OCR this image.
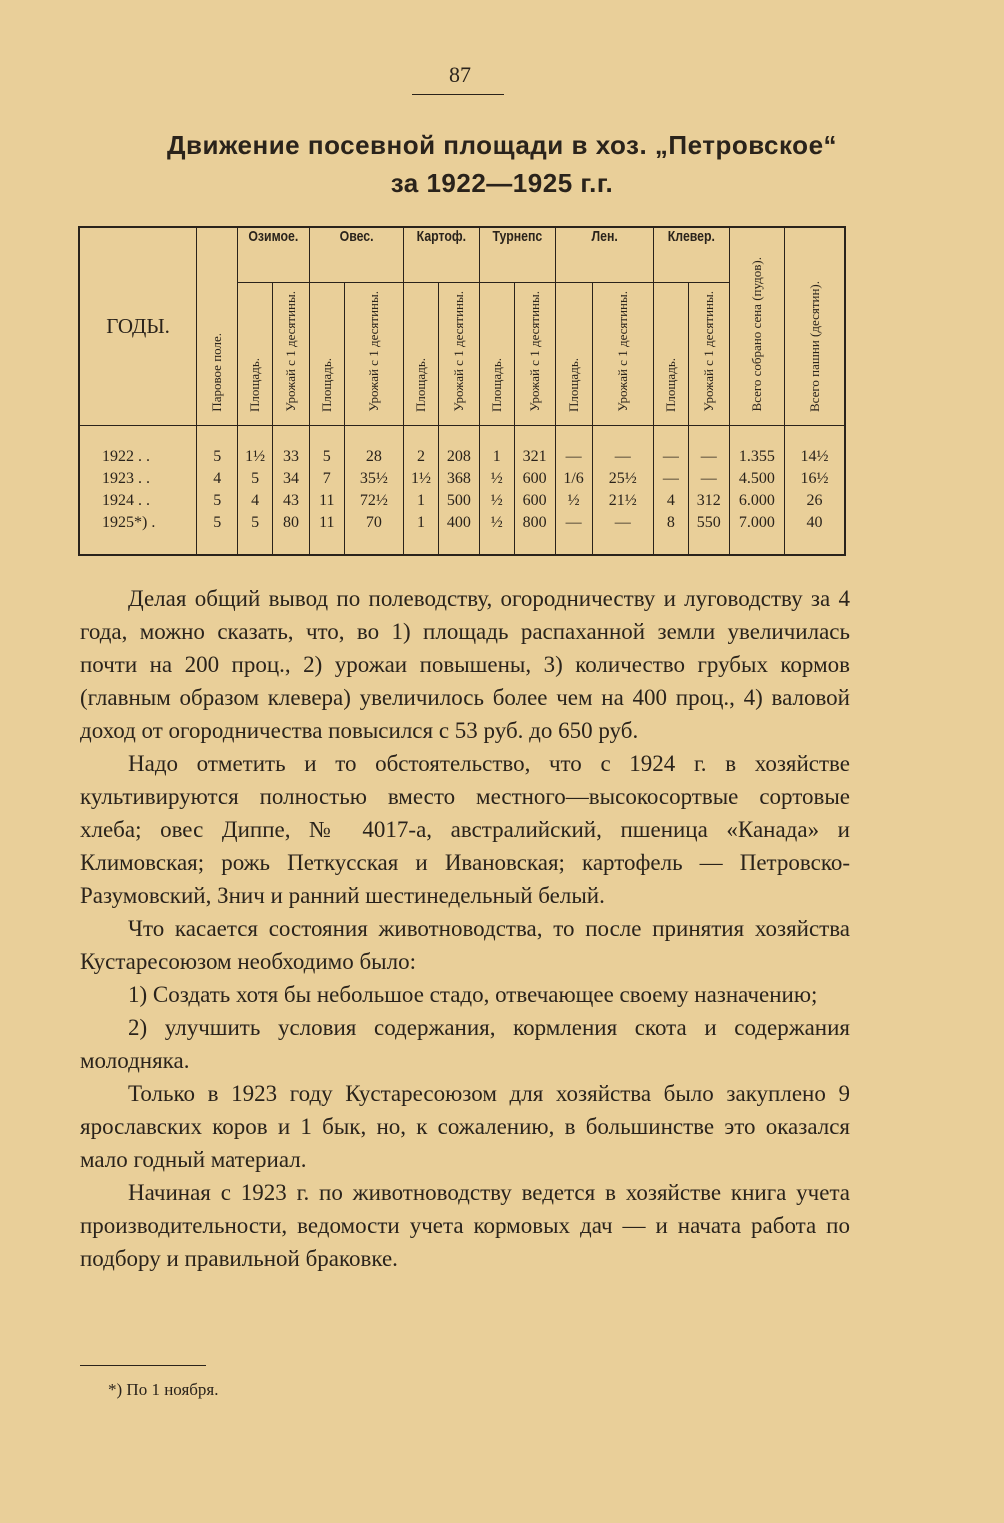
87
Движение посевной площади в хоз. „Петровское“
за 1922—1925 г.г.
ГОДЫ.	Паровое поле.	Озимое.		Овес.		Картоф.		Турнепс		Лен.		Клевер.		Всего собрано сена (пудов).	Всего пашни (десятин).
		Площадь.	Урожай с 1 десятины.	Площадь.	Урожай с 1 десятины.	Площадь.	Урожай с 1 десятины.	Площадь.	Урожай с 1 десятины.	Площадь.	Урожай с 1 десятины.	Площадь.	Урожай с 1 десятины.		
1922 . .	5	1½	33	5	28	2	208	1	321	—	—	—	—	1.355	14½
1923 . .	4	5	34	7	35½	1½	368	½	600	1/6	25½	—	—	4.500	16½
1924 . .	5	4	43	11	72½	1	500	½	600	½	21½	4	312	6.000	26
1925*) .	5	5	80	11	70	1	400	½	800	—	—	8	550	7.000	40

Делая общий вывод по полеводству, огородничеству и луговодству за 4 года, можно сказать, что, во 1) площадь распаханной земли увеличилась почти на 200 проц., 2) урожаи повышены, 3) количество грубых кормов (главным образом клевера) увеличилось более чем на 400 проц., 4) валовой доход от огородничества повысился с 53 руб. до 650 руб.

Надо отметить и то обстоятельство, что с 1924 г. в хозяйстве культивируются полностью вместо местного—высокосортвые сортовые хлеба; овес Диппе, № 4017-а, австралийский, пшеница «Канада» и Климовская; рожь Петкусская и Ивановская; картофель — Петровско-Разумовский, Знич и ранний шестинедельный белый.

Что касается состояния животноводства, то после принятия хозяйства Кустаресоюзом необходимо было:

1) Создать хотя бы небольшое стадо, отвечающее своему назначению;

2) улучшить условия содержания, кормления скота и содержания молодняка.

Только в 1923 году Кустаресоюзом для хозяйства было закуплено 9 ярославских коров и 1 бык, но, к сожалению, в большинстве это оказался мало годный материал.

Начиная с 1923 г. по животноводству ведется в хозяйстве книга учета производительности, ведомости учета кормовых дач — и начата работа по подбору и правильной браковке.

*) По 1 ноября.
